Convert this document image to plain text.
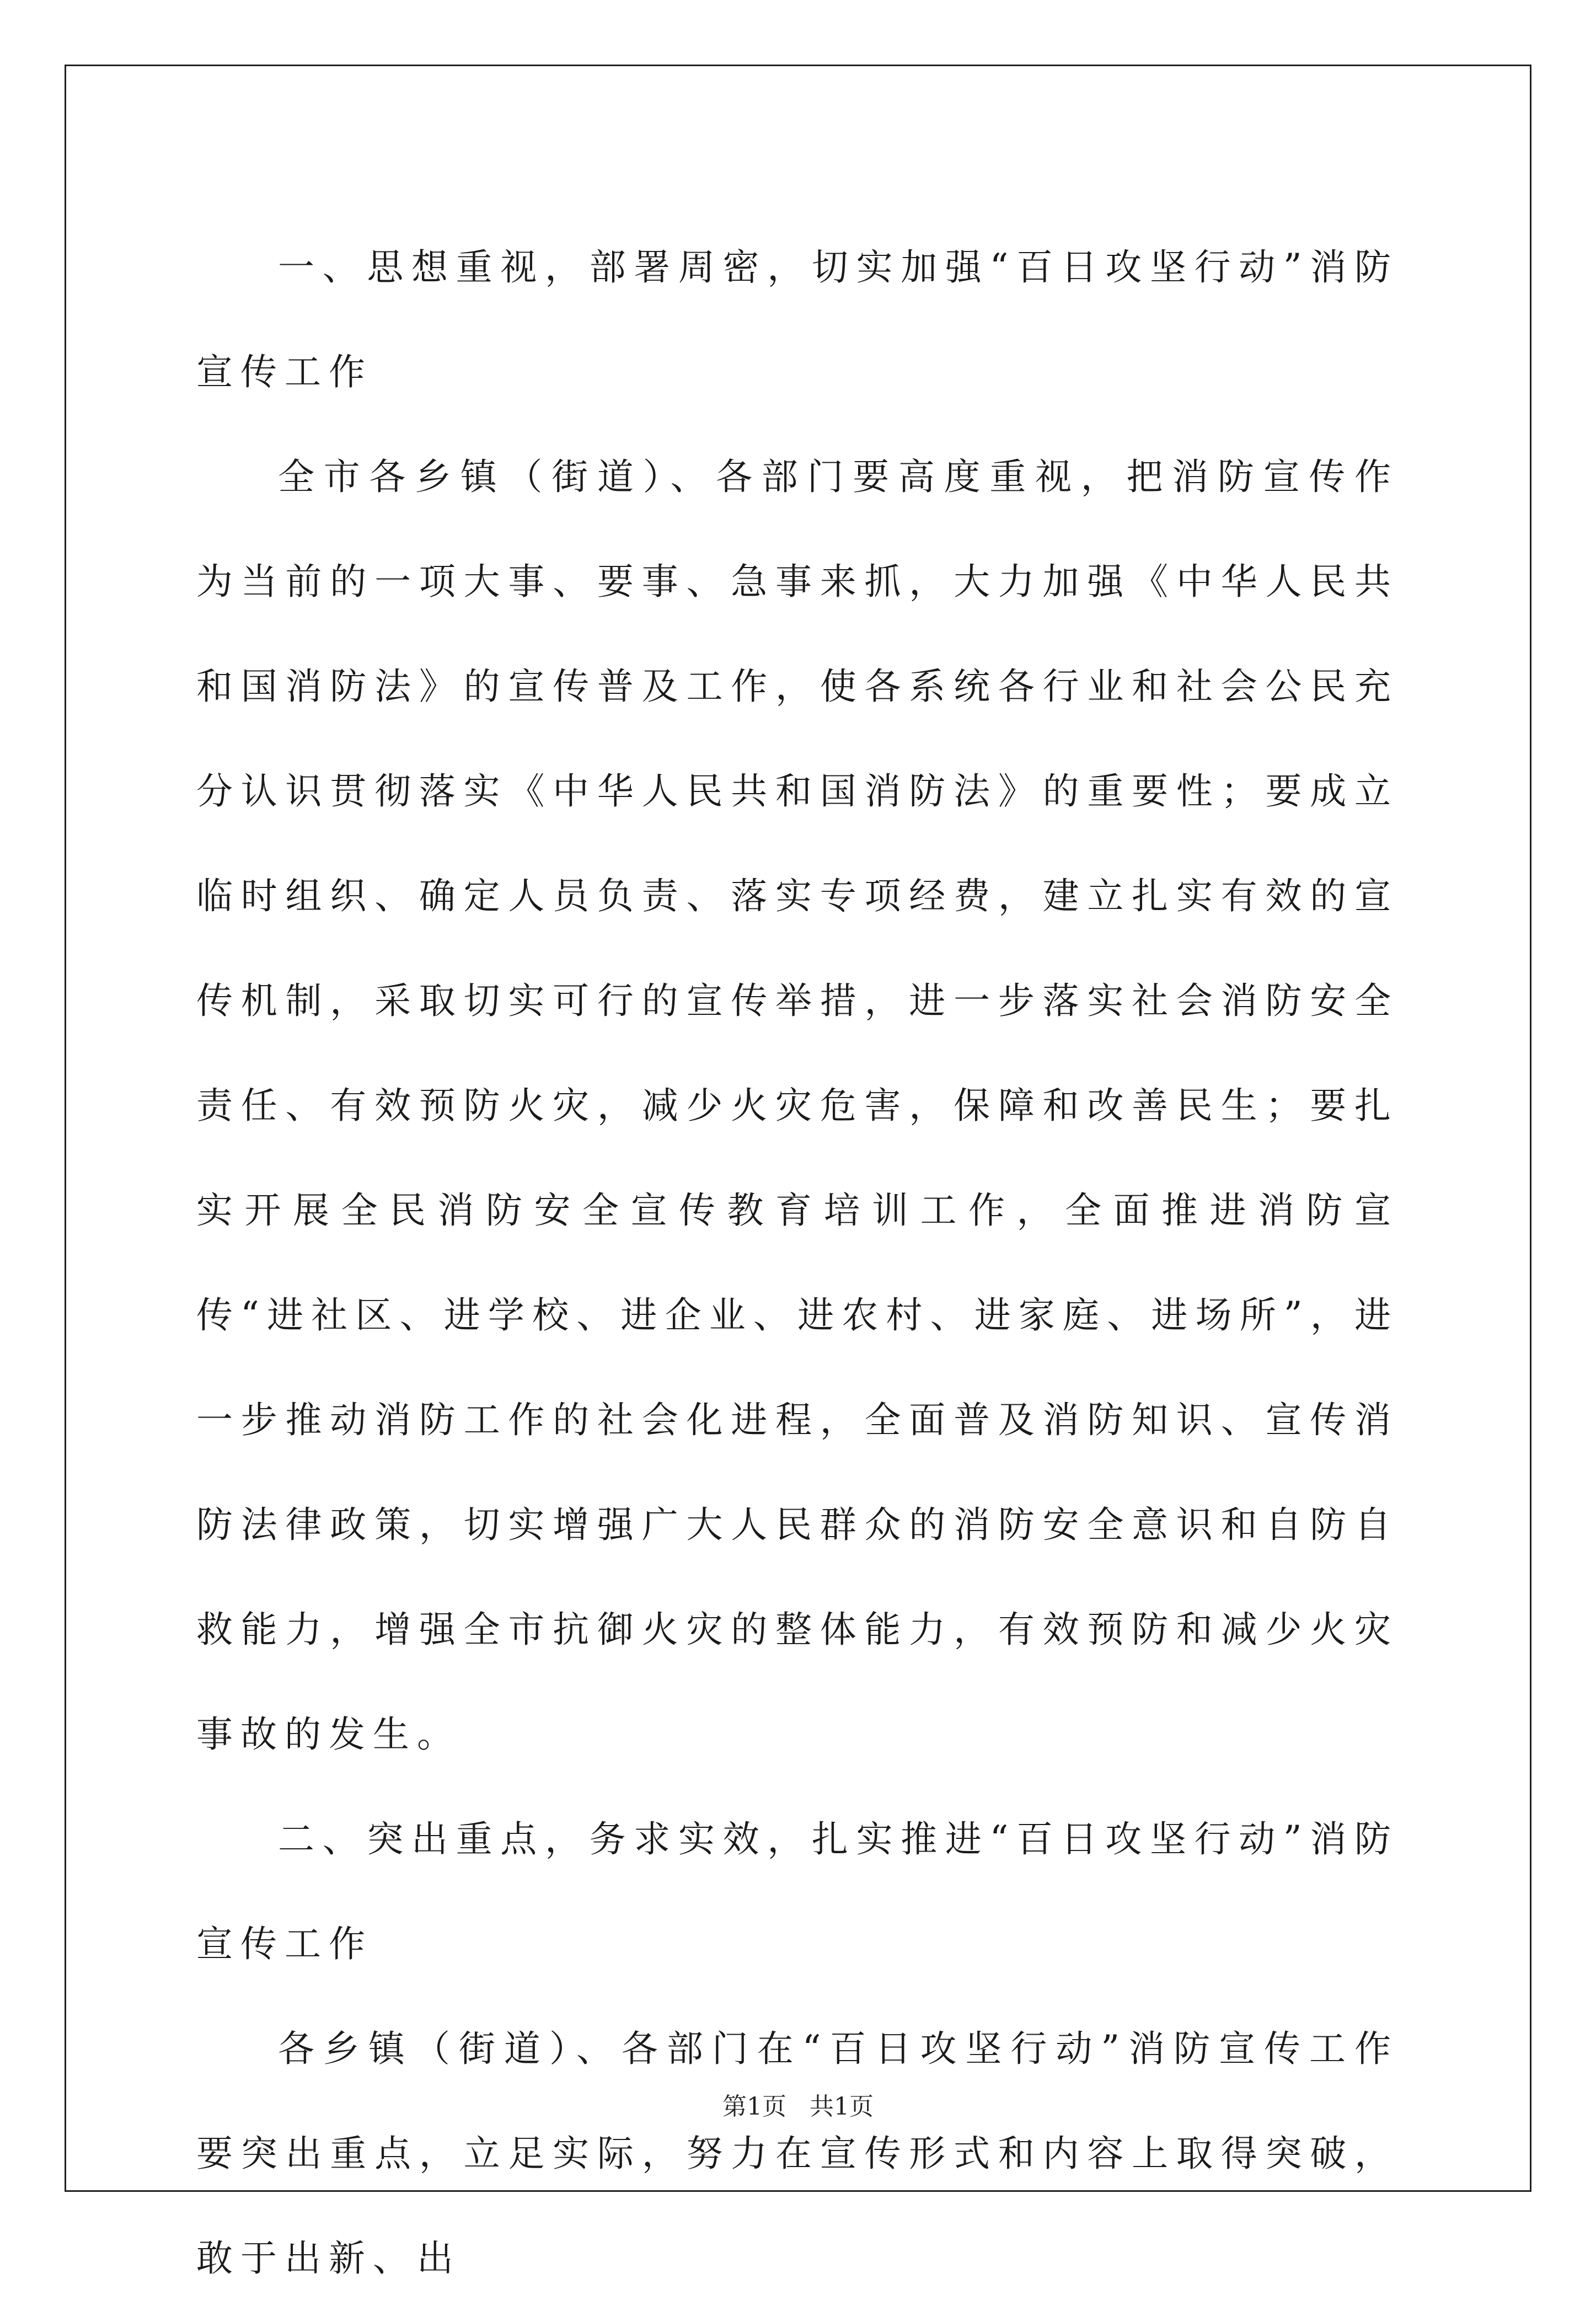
一、思想重视，部署周密，切实加强“百日攻坚行动”消防宣传工作

全市各乡镇（街道）、各部门要高度重视，把消防宣传作为当前的一项大事、要事、急事来抓，大力加强《中华人民共和国消防法》的宣传普及工作，使各系统各行业和社会公民充分认识贯彻落实《中华人民共和国消防法》的重要性；要成立临时组织、确定人员负责、落实专项经费，建立扎实有效的宣传机制，采取切实可行的宣传举措，进一步落实社会消防安全责任、有效预防火灾，减少火灾危害，保障和改善民生；要扎实开展全民消防安全宣传教育培训工作，全面推进消防宣传“进社区、进学校、进企业、进农村、进家庭、进场所”，进一步推动消防工作的社会化进程，全面普及消防知识、宣传消防法律政策，切实增强广大人民群众的消防安全意识和自防自救能力，增强全市抗御火灾的整体能力，有效预防和减少火灾事故的发生。

二、突出重点，务求实效，扎实推进“百日攻坚行动”消防宣传工作

各乡镇（街道）、各部门在“百日攻坚行动”消防宣传工作要突出重点，立足实际，努力在宣传形式和内容上取得突破，敢于出新、出

第1页 共1页
